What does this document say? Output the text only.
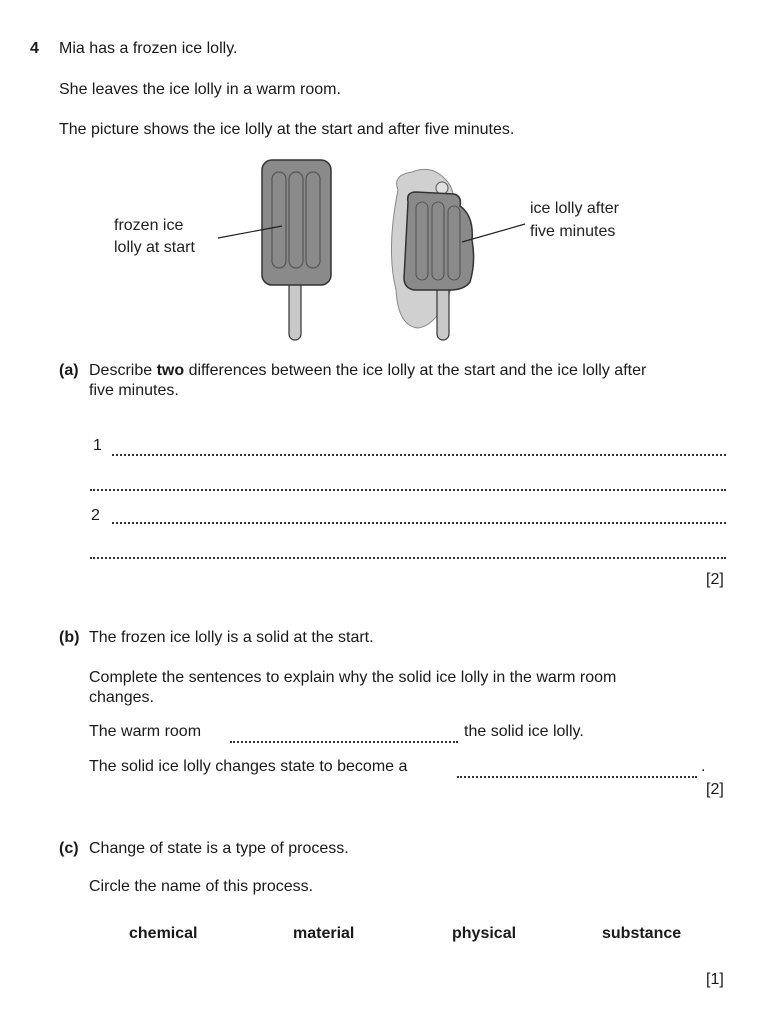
4 Mia has a frozen ice lolly.
She leaves the ice lolly in a warm room.
The picture shows the ice lolly at the start and after five minutes.
frozen ice
lolly at start
ice lolly after
five minutes
(a) Describe two differences between the ice lolly at the start and the ice lolly after
five minutes.
1
2
[2]
(b) The frozen ice lolly is a solid at the start.
Complete the sentences to explain why the solid ice lolly in the warm room
changes.
The warm room	the solid ice lolly.
The solid ice lolly changes state to become a	.
[2]
(c) Change of state is a type of process.
Circle the name of this process.
chemical	material	physical	substance
[1]
